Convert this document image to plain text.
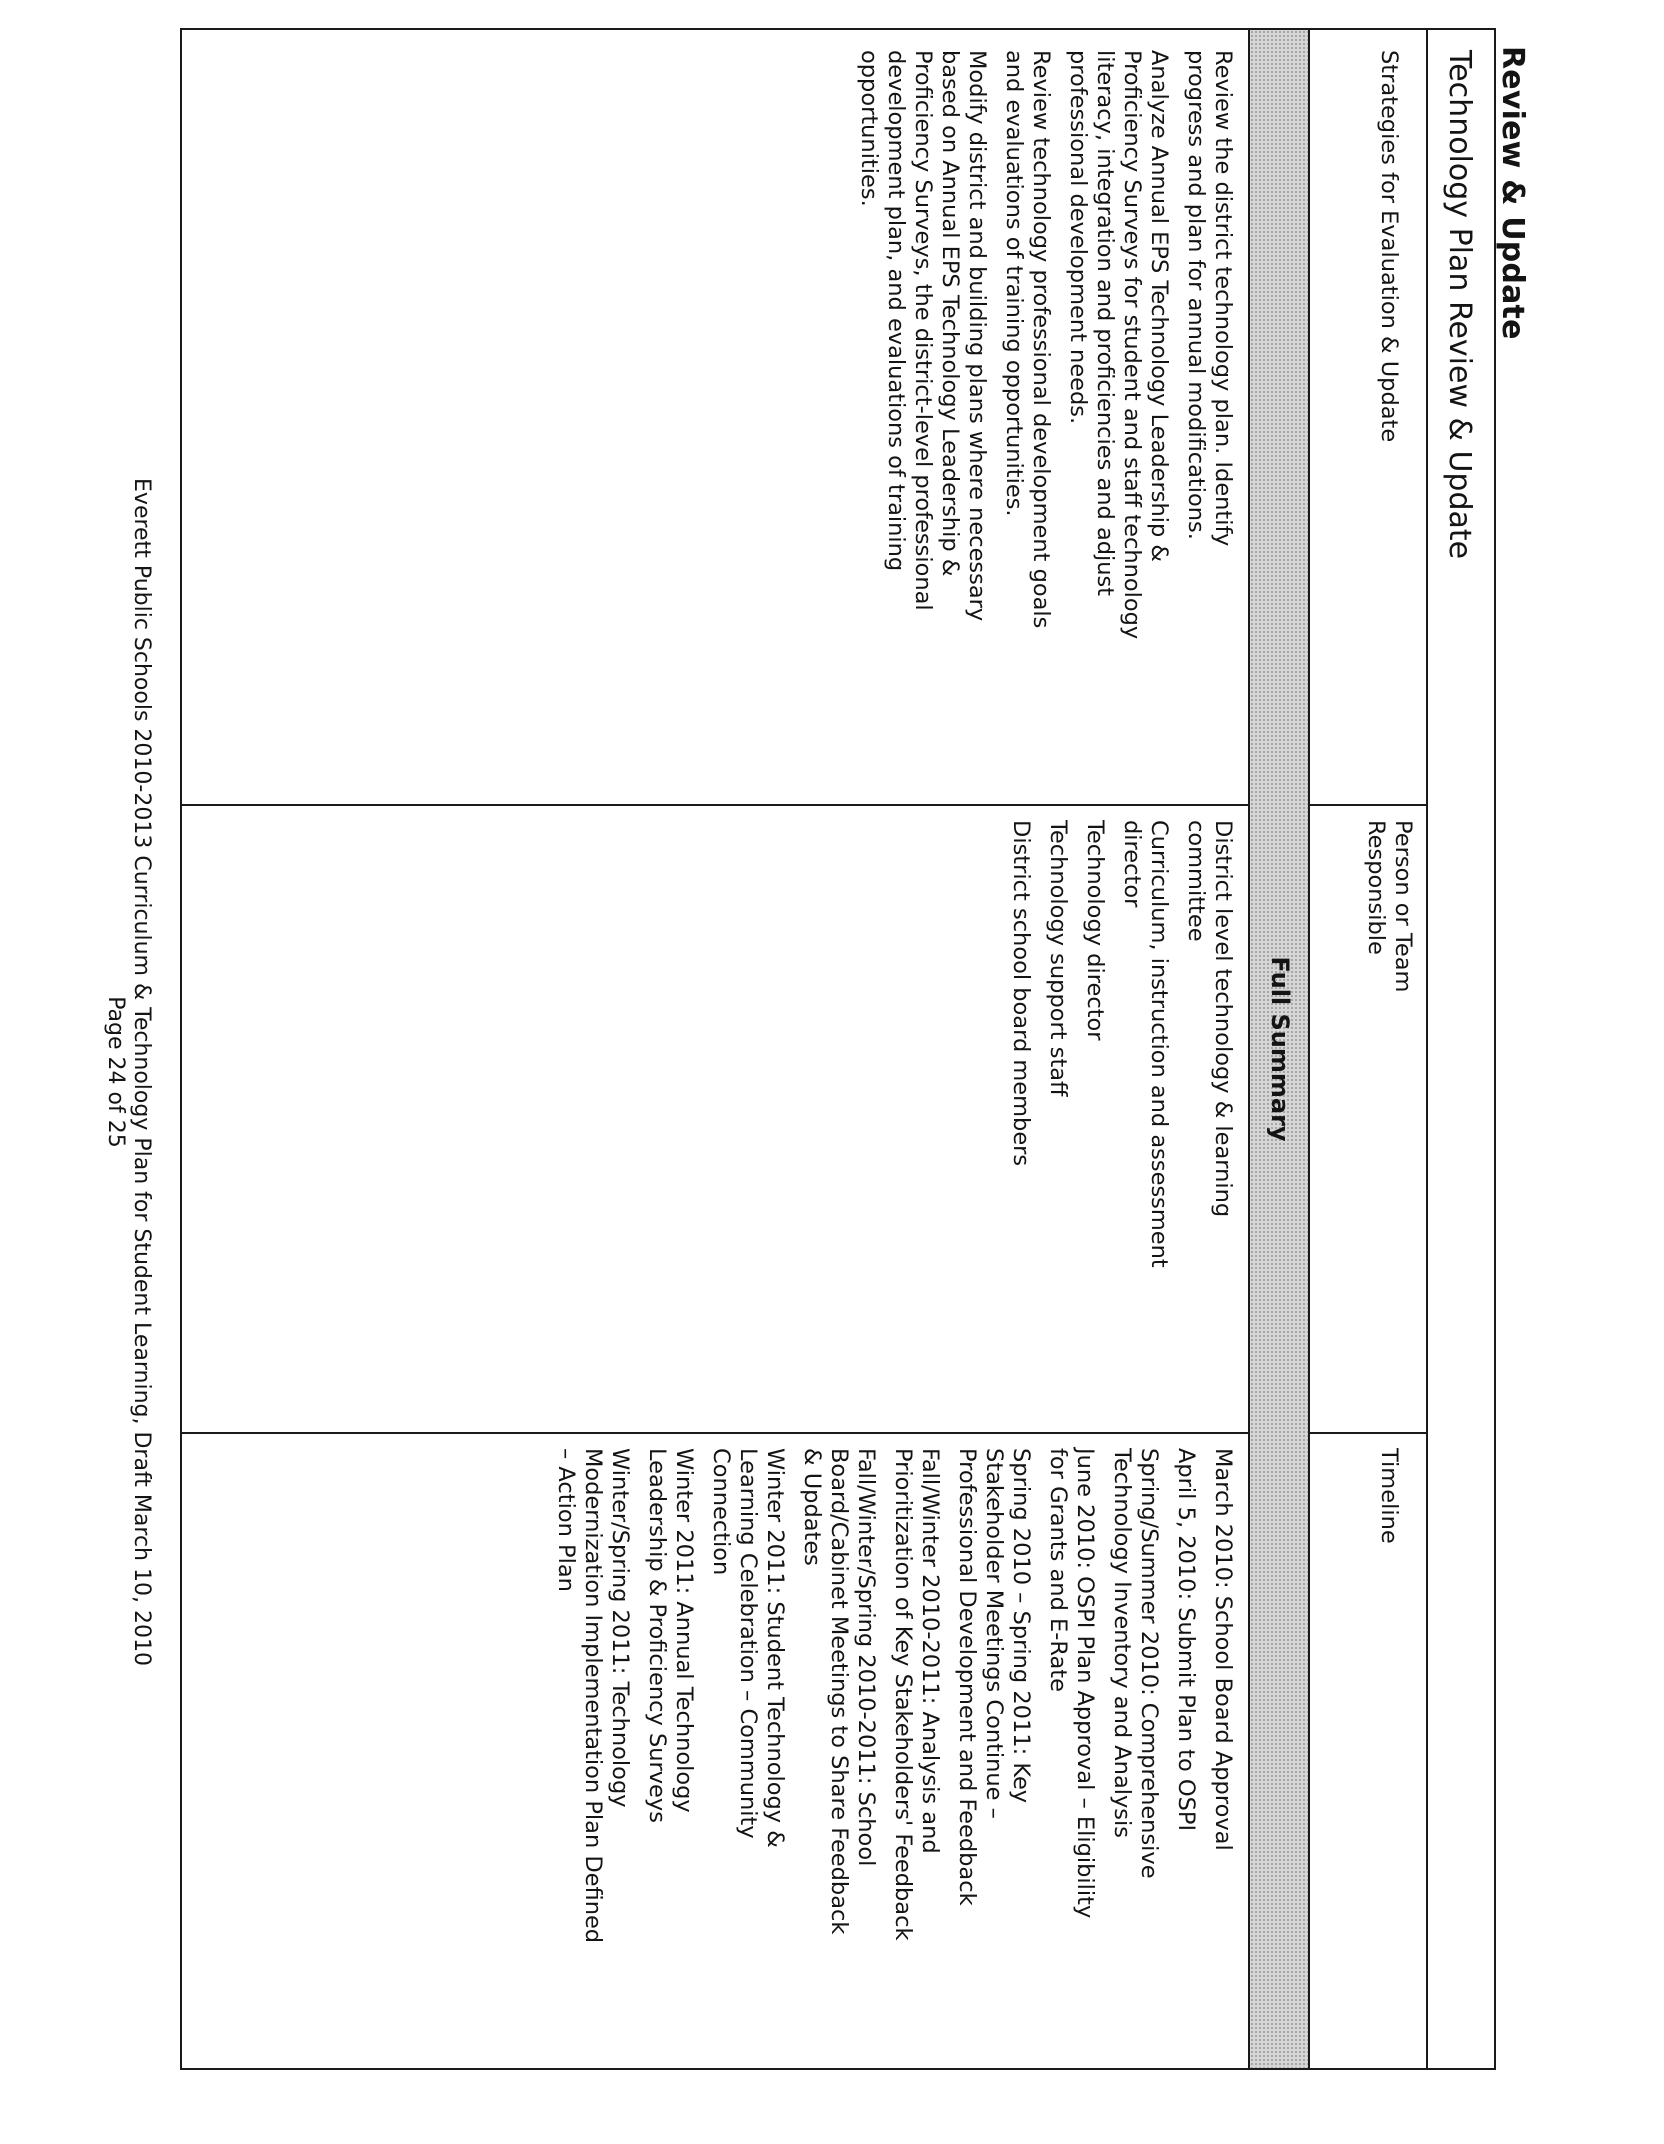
Review & Update
Technology Plan Review & Update
Strategies for Evaluation & Update
Person or Team
Responsible
Timeline
Full Summary
Review the district technology plan. Identify
progress and plan for annual modifications.
Analyze Annual EPS Technology Leadership &
Proficiency Surveys for student and staff technology
literacy, integration and proficiencies and adjust
professional development needs.
Review technology professional development goals
and evaluations of training opportunities.
Modify district and building plans where necessary
based on Annual EPS Technology Leadership &
Proficiency Surveys, the district-level professional
development plan, and evaluations of training
opportunities.
District level technology & learning
committee
Curriculum, instruction and assessment
director
Technology director
Technology support staff
District school board members
March 2010: School Board Approval
April 5, 2010: Submit Plan to OSPI
Spring/Summer 2010: Comprehensive
Technology Inventory and Analysis
June 2010: OSPI Plan Approval – Eligibility
for Grants and E-Rate
Spring 2010 – Spring 2011: Key
Stakeholder Meetings Continue –
Professional Development and Feedback
Fall/Winter 2010-2011: Analysis and
Prioritization of Key Stakeholders' Feedback
Fall/Winter/Spring 2010-2011: School
Board/Cabinet Meetings to Share Feedback
& Updates
Winter 2011: Student Technology &
Learning Celebration – Community
Connection
Winter 2011: Annual Technology
Leadership & Proficiency Surveys
Winter/Spring 2011: Technology
Modernization Implementation Plan Defined
– Action Plan
Everett Public Schools 2010-2013 Curriculum & Technology Plan for Student Learning, Draft March 10, 2010
Page 24 of 25
